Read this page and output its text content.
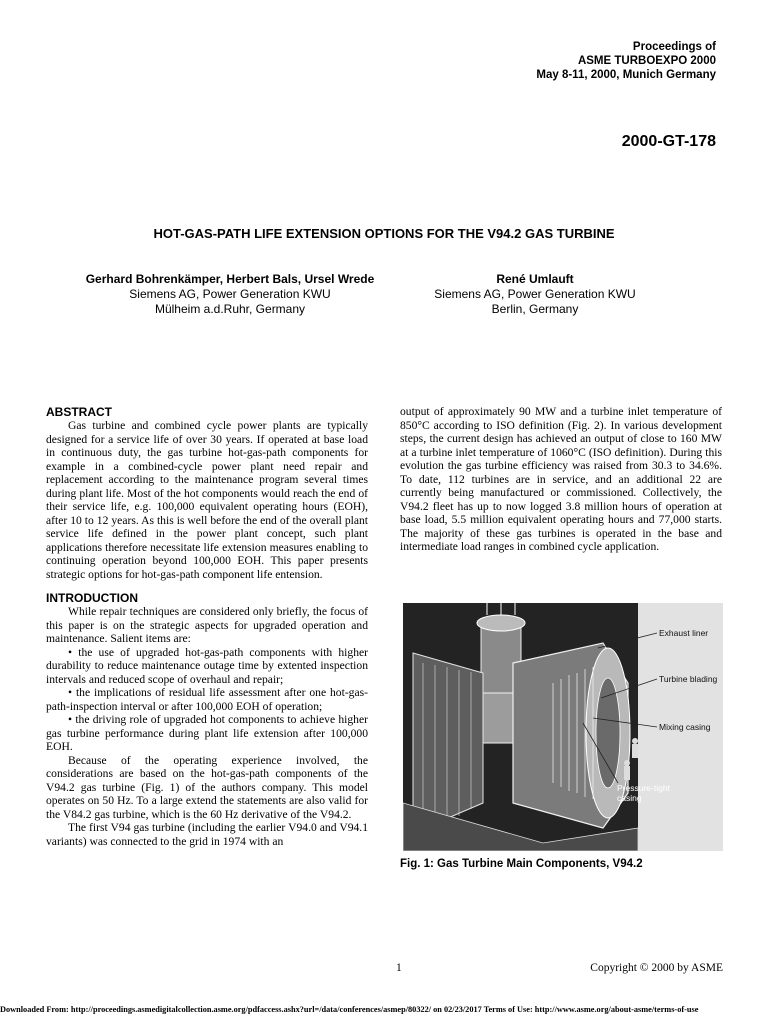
Proceedings of
ASME TURBOEXPO 2000
May 8-11, 2000, Munich Germany
2000-GT-178
HOT-GAS-PATH LIFE EXTENSION OPTIONS FOR THE V94.2 GAS TURBINE
Gerhard Bohrenkämper, Herbert Bals, Ursel Wrede
Siemens AG, Power Generation KWU
Mülheim a.d.Ruhr, Germany
René Umlauft
Siemens AG, Power Generation KWU
Berlin, Germany
ABSTRACT
Gas turbine and combined cycle power plants are typically designed for a service life of over 30 years. If operated at base load in continuous duty, the gas turbine hot-gas-path components for example in a combined-cycle power plant need repair and replacement according to the maintenance program several times during plant life. Most of the hot components would reach the end of their service life, e.g. 100,000 equivalent operating hours (EOH), after 10 to 12 years. As this is well before the end of the overall plant service life defined in the power plant concept, such plant applications therefore necessitate life extension measures enabling to continuing operation beyond 100,000 EOH. This paper presents strategic options for hot-gas-path component life entension.
INTRODUCTION
While repair techniques are considered only briefly, the focus of this paper is on the strategic aspects for upgraded operation and maintenance. Salient items are:
• the use of upgraded hot-gas-path components with higher durability to reduce maintenance outage time by extented inspection intervals and reduced scope of overhaul and repair;
• the implications of residual life assessment after one hot-gas-path-inspection interval or after 100,000 EOH of operation;
• the driving role of upgraded hot components to achieve higher gas turbine performance during plant life extension after 100,000 EOH.
Because of the operating experience involved, the considerations are based on the hot-gas-path components of the V94.2 gas turbine (Fig. 1) of the authors company. This model operates on 50 Hz. To a large extend the statements are also valid for the V84.2 gas turbine, which is the 60 Hz derivative of the V94.2.
The first V94 gas turbine (including the earlier V94.0 and V94.1 variants) was connected to the grid in 1974 with an
output of approximately 90 MW and a turbine inlet temperature of 850°C according to ISO definition (Fig. 2). In various development steps, the current design has achieved an output of close to 160 MW at a turbine inlet temperature of 1060°C (ISO definition). During this evolution the gas turbine efficiency was raised from 30.3 to 34.6%. To date, 112 turbines are in service, and an additional 22 are currently being manufactured or commissioned. Collectively, the V94.2 fleet has up to now logged 3.8 million hours of operation at base load, 5.5 million equivalent operating hours and 77,000 starts. The majority of these gas turbines is operated in the base and intermediate load ranges in combined cycle application.
Exhaust liner
Turbine blading
Mixing casing
Pressure-tight
casing
Fig. 1: Gas Turbine Main Components, V94.2
1	Copyright © 2000 by ASME
Downloaded From: http://proceedings.asmedigitalcollection.asme.org/pdfaccess.ashx?url=/data/conferences/asmep/80322/ on 02/23/2017 Terms of Use: http://www.asme.org/about-asme/terms-of-use
